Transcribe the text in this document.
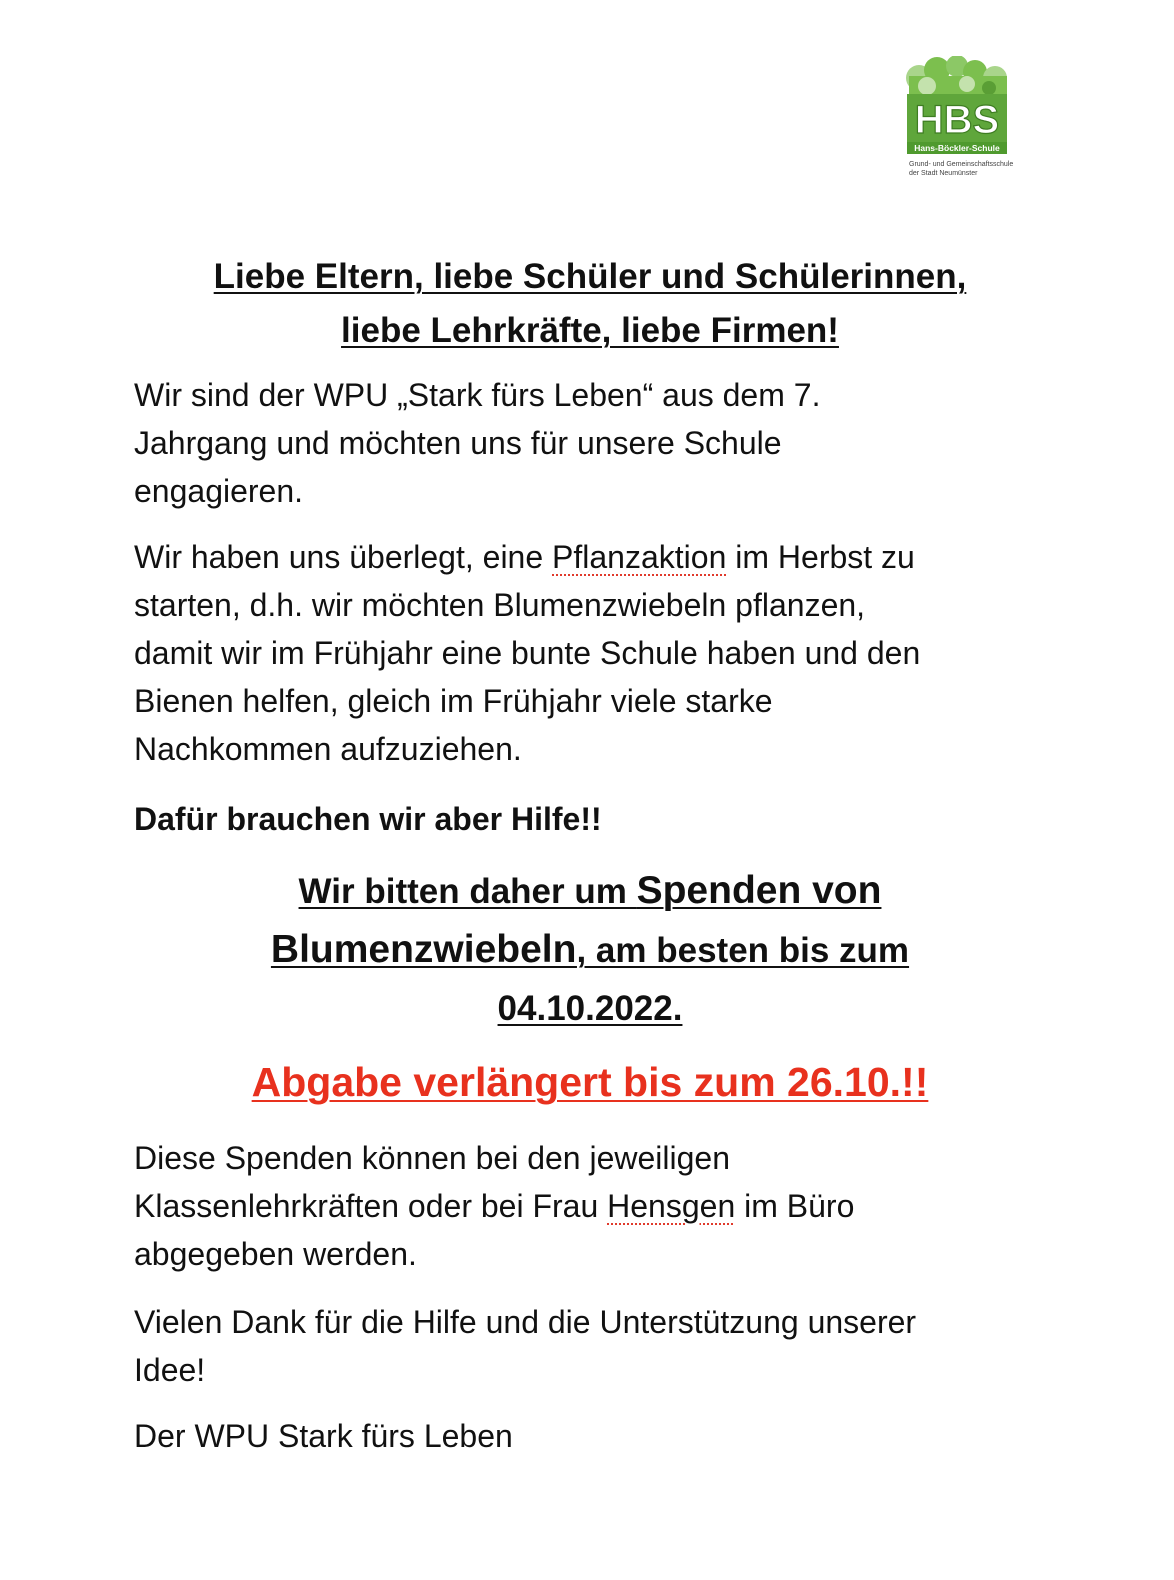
HBS
Hans-Böckler-Schule
Grund- und Gemeinschaftsschule
der Stadt Neumünster
Liebe Eltern, liebe Schüler und Schülerinnen,
liebe Lehrkräfte, liebe Firmen!
Wir sind der WPU „Stark fürs Leben“ aus dem 7.
Jahrgang und möchten uns für unsere Schule
engagieren.
Wir haben uns überlegt, eine Pflanzaktion im Herbst zu
starten, d.h. wir möchten Blumenzwiebeln pflanzen,
damit wir im Frühjahr eine bunte Schule haben und den
Bienen helfen, gleich im Frühjahr viele starke
Nachkommen aufzuziehen.
Dafür brauchen wir aber Hilfe!!
Wir bitten daher um Spenden von
Blumenzwiebeln, am besten bis zum
04.10.2022.
Abgabe verlängert bis zum 26.10.!!
Diese Spenden können bei den jeweiligen
Klassenlehrkräften oder bei Frau Hensgen im Büro
abgegeben werden.
Vielen Dank für die Hilfe und die Unterstützung unserer
Idee!
Der WPU Stark fürs Leben
